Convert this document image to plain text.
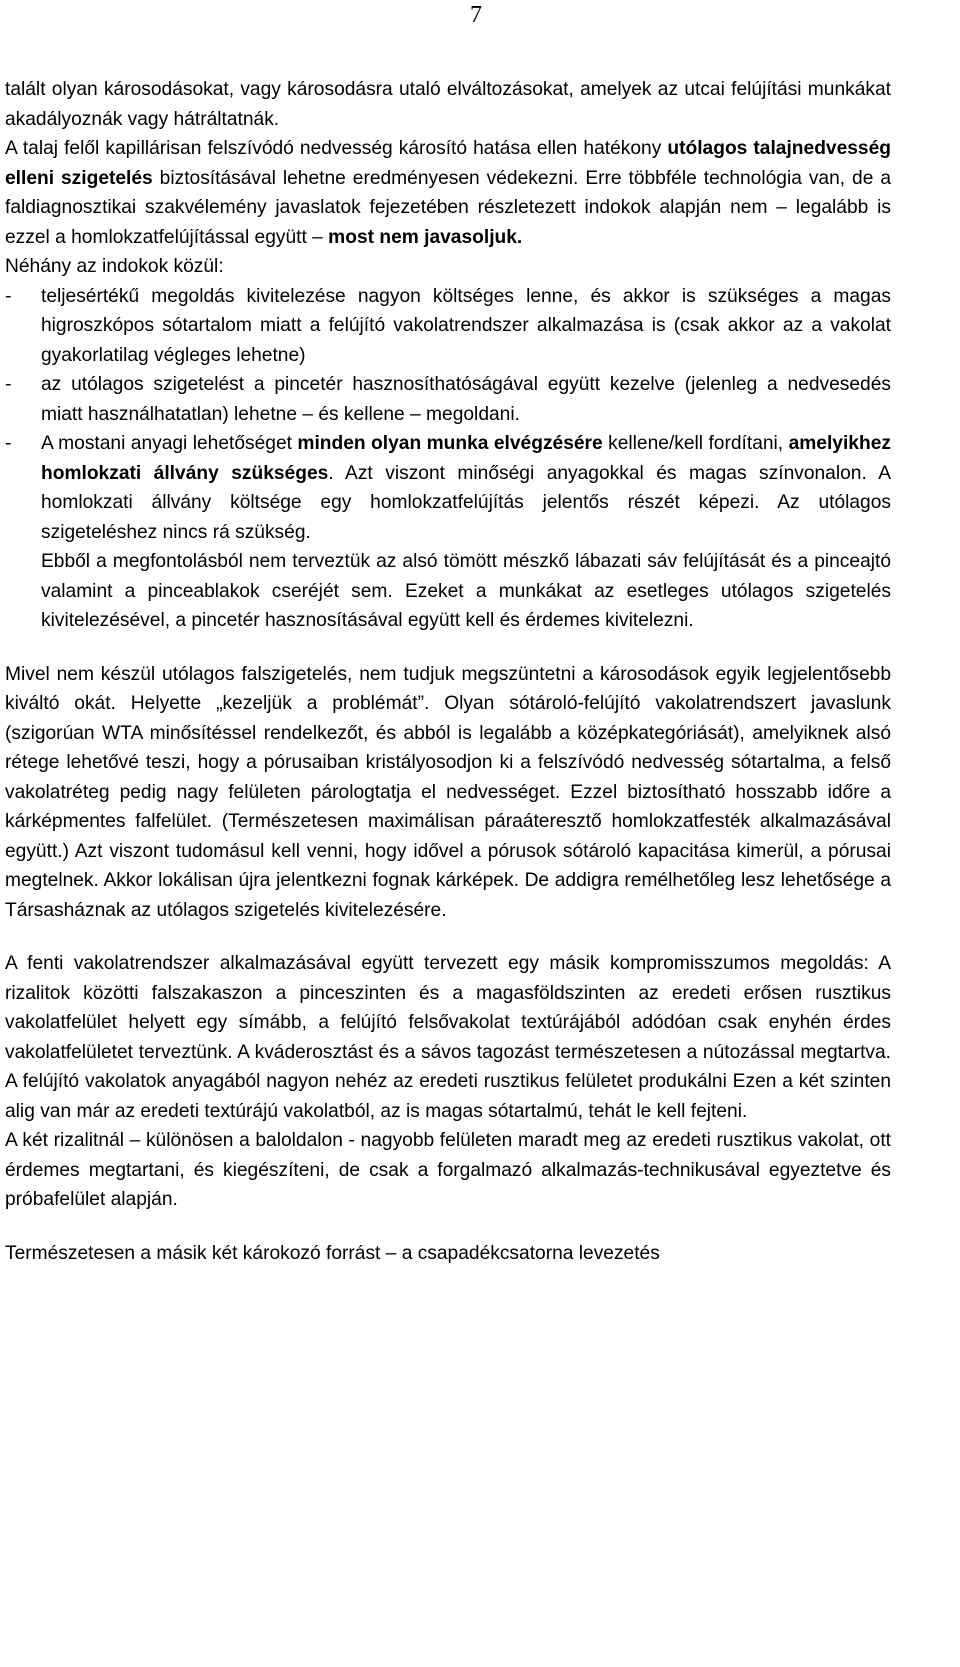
7

talált olyan károsodásokat, vagy károsodásra utaló elváltozásokat, amelyek az utcai felújítási munkákat akadályoznák vagy hátráltatnák.

A talaj felől kapillárisan felszívódó nedvesség károsító hatása ellen hatékony utólagos talajnedvesség elleni szigetelés biztosításával lehetne eredményesen védekezni. Erre többféle technológia van, de a faldiagnosztikai szakvélemény javaslatok fejezetében részletezett indokok alapján nem – legalább is ezzel a homlokzatfelújítással együtt – most nem javasoljuk.

Néhány az indokok közül:

-	teljesértékű megoldás kivitelezése nagyon költséges lenne, és akkor is szükséges a magas higroszkópos sótartalom miatt a felújító vakolatrendszer alkalmazása is (csak akkor az a vakolat gyakorlatilag végleges lehetne)
-	az utólagos szigetelést a pincetér hasznosíthatóságával együtt kezelve (jelenleg a nedvesedés miatt használhatatlan) lehetne – és kellene – megoldani.
-	A mostani anyagi lehetőséget minden olyan munka elvégzésére kellene/kell fordítani, amelyikhez homlokzati állvány szükséges. Azt viszont minőségi anyagokkal és magas színvonalon. A homlokzati állvány költsége egy homlokzatfelújítás jelentős részét képezi. Az utólagos szigeteléshez nincs rá szükség.

Ebből a megfontolásból nem terveztük az alsó tömött mészkő lábazati sáv felújítását és a pinceajtó valamint a pinceablakok cseréjét sem. Ezeket a munkákat az esetleges utólagos szigetelés kivitelezésével, a pincetér hasznosításával együtt kell és érdemes kivitelezni.

Mivel nem készül utólagos falszigetelés, nem tudjuk megszüntetni a károsodások egyik legjelentősebb kiváltó okát. Helyette „kezeljük a problémát”. Olyan sótároló-felújító vakolatrendszert javaslunk (szigorúan WTA minősítéssel rendelkezőt, és abból is legalább a középkategóriását), amelyiknek alsó rétege lehetővé teszi, hogy a pórusaiban kristályosodjon ki a felszívódó nedvesség sótartalma, a felső vakolatréteg pedig nagy felületen párologtatja el nedvességet. Ezzel biztosítható hosszabb időre a kárképmentes falfelület. (Természetesen maximálisan páraáteresztő homlokzatfesték alkalmazásával együtt.) Azt viszont tudomásul kell venni, hogy idővel a pórusok sótároló kapacitása kimerül, a pórusai megtelnek. Akkor lokálisan újra jelentkezni fognak kárképek. De addigra remélhetőleg lesz lehetősége a Társasháznak az utólagos szigetelés kivitelezésére.

A fenti vakolatrendszer alkalmazásával együtt tervezett egy másik kompromisszumos megoldás: A rizalitok közötti falszakaszon a pinceszinten és a magasföldszinten az eredeti erősen rusztikus vakolatfelület helyett egy símább, a felújító felsővakolat textúrájából adódóan csak enyhén érdes vakolatfelületet terveztünk. A kváderosztást és a sávos tagozást természetesen a nútozással megtartva. A felújító vakolatok anyagából nagyon nehéz az eredeti rusztikus felületet produkálni Ezen a két szinten alig van már az eredeti textúrájú vakolatból, az is magas sótartalmú, tehát le kell fejteni.

A két rizalitnál – különösen a baloldalon - nagyobb felületen maradt meg az eredeti rusztikus vakolat, ott érdemes megtartani, és kiegészíteni, de csak a forgalmazó alkalmazás-technikusával egyeztetve és próbafelület alapján.

Természetesen a másik két károkozó forrást – a csapadékcsatorna levezetés
